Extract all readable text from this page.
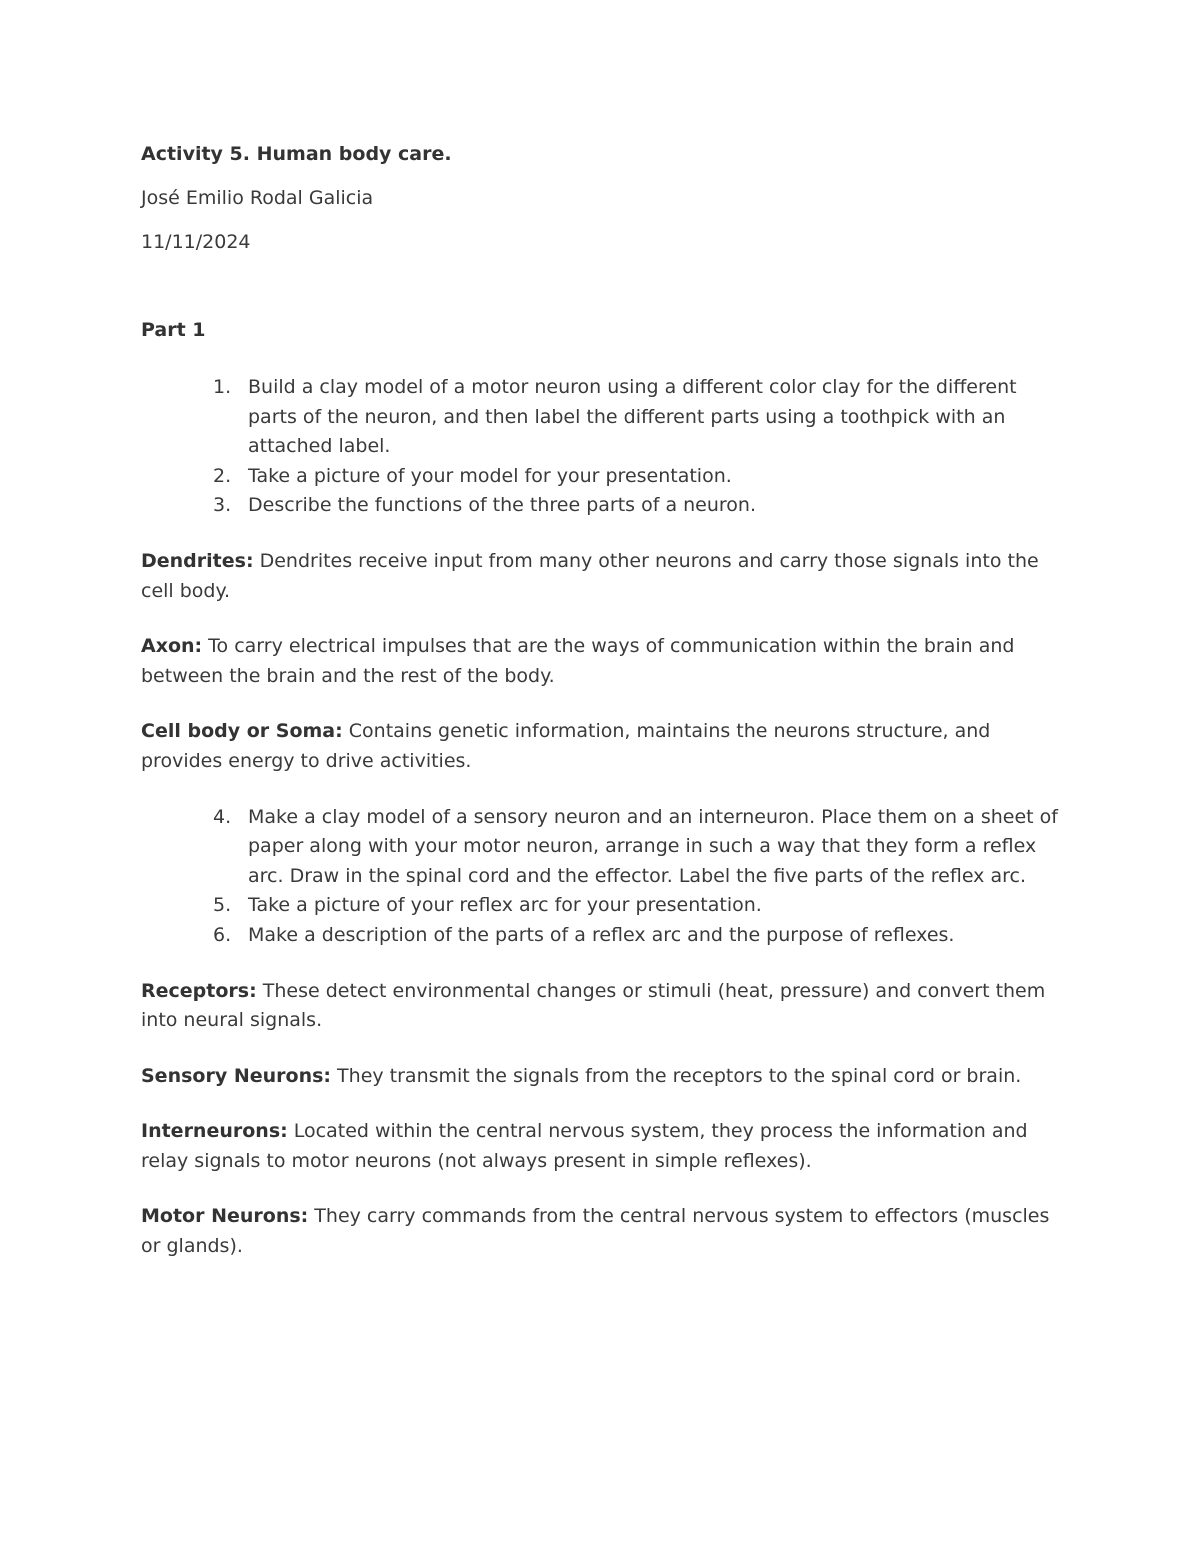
Activity 5. Human body care.

José Emilio Rodal Galicia

11/11/2024

Part 1

1. Build a clay model of a motor neuron using a different color clay for the different parts of the neuron, and then label the different parts using a toothpick with an attached label.
2. Take a picture of your model for your presentation.
3. Describe the functions of the three parts of a neuron.

Dendrites: Dendrites receive input from many other neurons and carry those signals into the cell body.

Axon: To carry electrical impulses that are the ways of communication within the brain and between the brain and the rest of the body.

Cell body or Soma: Contains genetic information, maintains the neurons structure, and provides energy to drive activities.

4. Make a clay model of a sensory neuron and an interneuron. Place them on a sheet of paper along with your motor neuron, arrange in such a way that they form a reflex arc. Draw in the spinal cord and the effector. Label the five parts of the reflex arc.
5. Take a picture of your reflex arc for your presentation.
6. Make a description of the parts of a reflex arc and the purpose of reflexes.

Receptors: These detect environmental changes or stimuli (heat, pressure) and convert them into neural signals.

Sensory Neurons: They transmit the signals from the receptors to the spinal cord or brain.

Interneurons: Located within the central nervous system, they process the information and relay signals to motor neurons (not always present in simple reflexes).

Motor Neurons: They carry commands from the central nervous system to effectors (muscles or glands).
